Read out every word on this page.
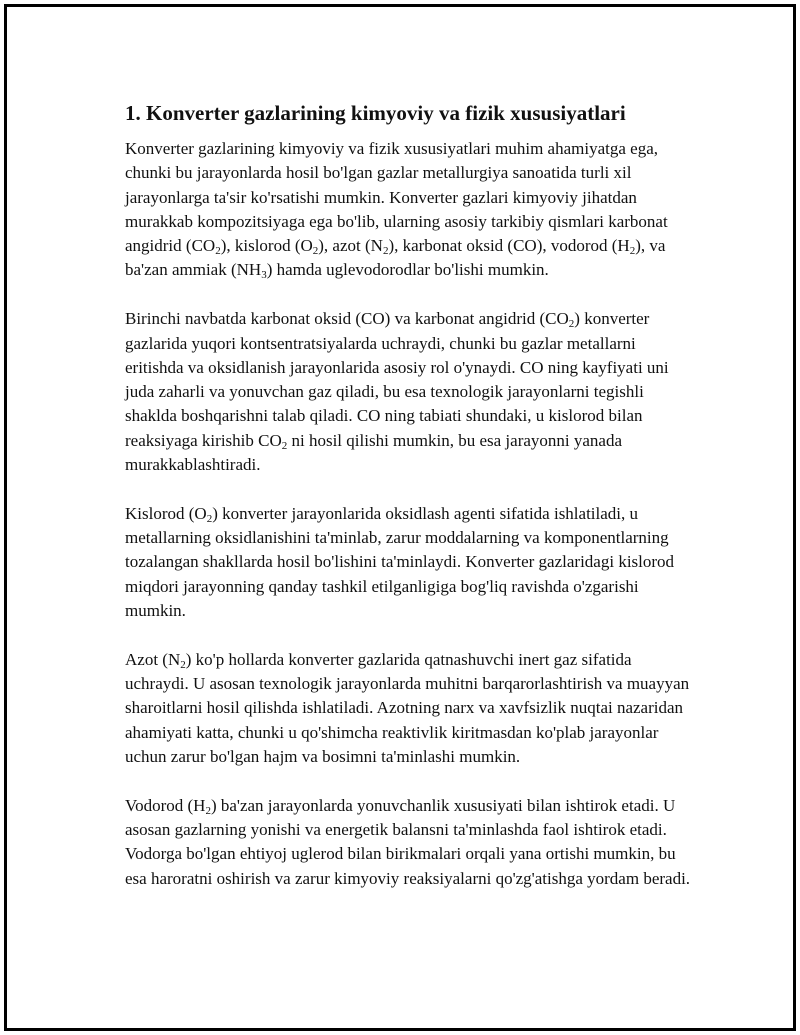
1. Konverter gazlarining kimyoviy va fizik xususiyatlari

Konverter gazlarining kimyoviy va fizik xususiyatlari muhim ahamiyatga ega, chunki bu jarayonlarda hosil bo'lgan gazlar metallurgiya sanoatida turli xil jarayonlarga ta'sir ko'rsatishi mumkin. Konverter gazlari kimyoviy jihatdan murakkab kompozitsiyaga ega bo'lib, ularning asosiy tarkibiy qismlari karbonat angidrid $(CO_2)$, kislorod $(O_2)$, azot $(N_2)$, karbonat oksid (CO), vodorod $(H_2)$, va ba'zan ammiak $(NH_3)$ hamda uglevodorodlar bo'lishi mumkin.

Birinchi navbatda karbonat oksid (CO) va karbonat angidrid $(CO_2)$ konverter gazlarida yuqori kontsentratsiyalarda uchraydi, chunki bu gazlar metallarni eritishda va oksidlanish jarayonlarida asosiy rol o'ynaydi. CO ning kayfiyati uni juda zaharli va yonuvchan gaz qiladi, bu esa texnologik jarayonlarni tegishli shaklda boshqarishni talab qiladi. CO ning tabiati shundaki, u kislorod bilan reaksiyaga kirishib $CO_2$ ni hosil qilishi mumkin, bu esa jarayonni yanada murakkablashtiradi.

Kislorod $(O_2)$ konverter jarayonlarida oksidlash agenti sifatida ishlatiladi, u metallarning oksidlanishini ta'minlab, zarur moddalarning va komponentlarning tozalangan shakllarda hosil bo'lishini ta'minlaydi. Konverter gazlaridagi kislorod miqdori jarayonning qanday tashkil etilganligiga bog'liq ravishda o'zgarishi mumkin.

Azot $(N_2)$ ko'p hollarda konverter gazlarida qatnashuvchi inert gaz sifatida uchraydi. U asosan texnologik jarayonlarda muhitni barqarorlashtirish va muayyan sharoitlarni hosil qilishda ishlatiladi. Azotning narx va xavfsizlik nuqtai nazaridan ahamiyati katta, chunki u qo'shimcha reaktivlik kiritmasdan ko'plab jarayonlar uchun zarur bo'lgan hajm va bosimni ta'minlashi mumkin.

Vodorod $(H_2)$ ba'zan jarayonlarda yonuvchanlik xususiyati bilan ishtirok etadi. U asosan gazlarning yonishi va energetik balansni ta'minlashda faol ishtirok etadi. Vodorga bo'lgan ehtiyoj uglerod bilan birikmalari orqali yana ortishi mumkin, bu esa haroratni oshirish va zarur kimyoviy reaksiyalarni qo'zg'atishga yordam beradi.
